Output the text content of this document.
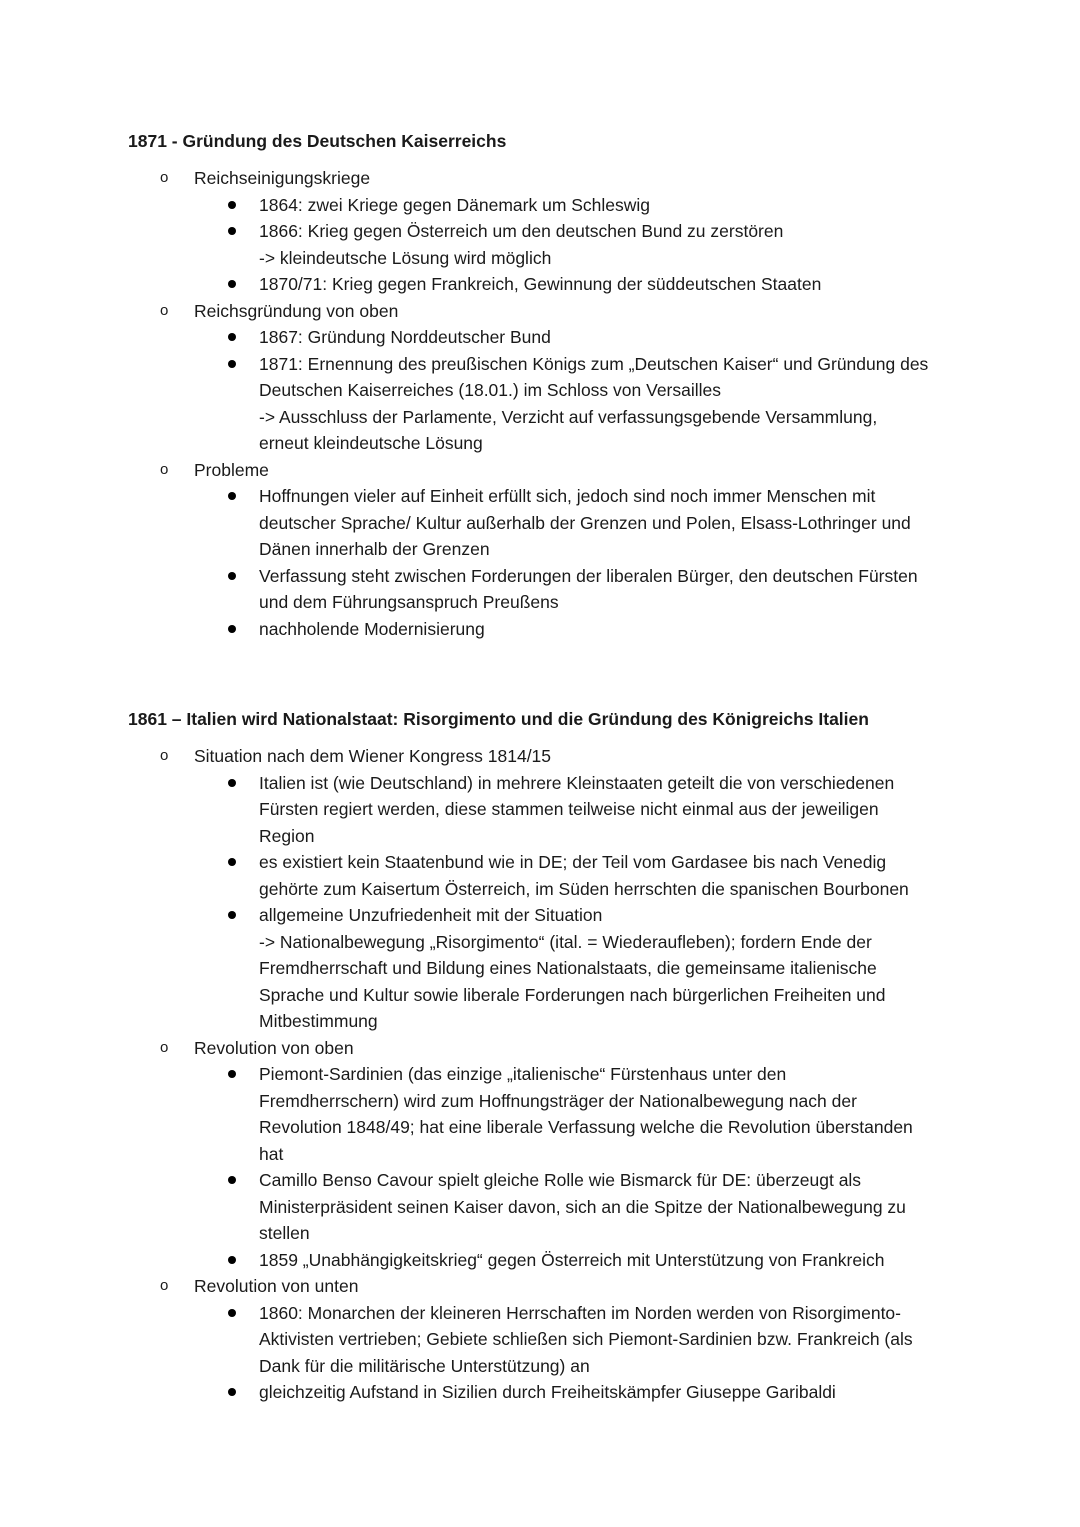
1871 - Gründung des Deutschen Kaiserreichs
o Reichseinigungskriege
1864: zwei Kriege gegen Dänemark um Schleswig
1866: Krieg gegen Österreich um den deutschen Bund zu zerstören
-> kleindeutsche Lösung wird möglich
1870/71: Krieg gegen Frankreich, Gewinnung der süddeutschen Staaten
o Reichsgründung von oben
1867: Gründung Norddeutscher Bund
1871: Ernennung des preußischen Königs zum „Deutschen Kaiser“ und Gründung des
Deutschen Kaiserreiches (18.01.) im Schloss von Versailles
-> Ausschluss der Parlamente, Verzicht auf verfassungsgebende Versammlung,
erneut kleindeutsche Lösung
o Probleme
Hoffnungen vieler auf Einheit erfüllt sich, jedoch sind noch immer Menschen mit
deutscher Sprache/ Kultur außerhalb der Grenzen und Polen, Elsass-Lothringer und
Dänen innerhalb der Grenzen
Verfassung steht zwischen Forderungen der liberalen Bürger, den deutschen Fürsten
und dem Führungsanspruch Preußens
nachholende Modernisierung
1861 – Italien wird Nationalstaat: Risorgimento und die Gründung des Königreichs Italien
o Situation nach dem Wiener Kongress 1814/15
Italien ist (wie Deutschland) in mehrere Kleinstaaten geteilt die von verschiedenen
Fürsten regiert werden, diese stammen teilweise nicht einmal aus der jeweiligen
Region
es existiert kein Staatenbund wie in DE; der Teil vom Gardasee bis nach Venedig
gehörte zum Kaisertum Österreich, im Süden herrschten die spanischen Bourbonen
allgemeine Unzufriedenheit mit der Situation
-> Nationalbewegung „Risorgimento“ (ital. = Wiederaufleben); fordern Ende der
Fremdherrschaft und Bildung eines Nationalstaats, die gemeinsame italienische
Sprache und Kultur sowie liberale Forderungen nach bürgerlichen Freiheiten und
Mitbestimmung
o Revolution von oben
Piemont-Sardinien (das einzige „italienische“ Fürstenhaus unter den
Fremdherrschern) wird zum Hoffnungsträger der Nationalbewegung nach der
Revolution 1848/49; hat eine liberale Verfassung welche die Revolution überstanden
hat
Camillo Benso Cavour spielt gleiche Rolle wie Bismarck für DE: überzeugt als
Ministerpräsident seinen Kaiser davon, sich an die Spitze der Nationalbewegung zu
stellen
1859 „Unabhängigkeitskrieg“ gegen Österreich mit Unterstützung von Frankreich
o Revolution von unten
1860: Monarchen der kleineren Herrschaften im Norden werden von Risorgimento-
Aktivisten vertrieben; Gebiete schließen sich Piemont-Sardinien bzw. Frankreich (als
Dank für die militärische Unterstützung) an
gleichzeitig Aufstand in Sizilien durch Freiheitskämpfer Giuseppe Garibaldi
